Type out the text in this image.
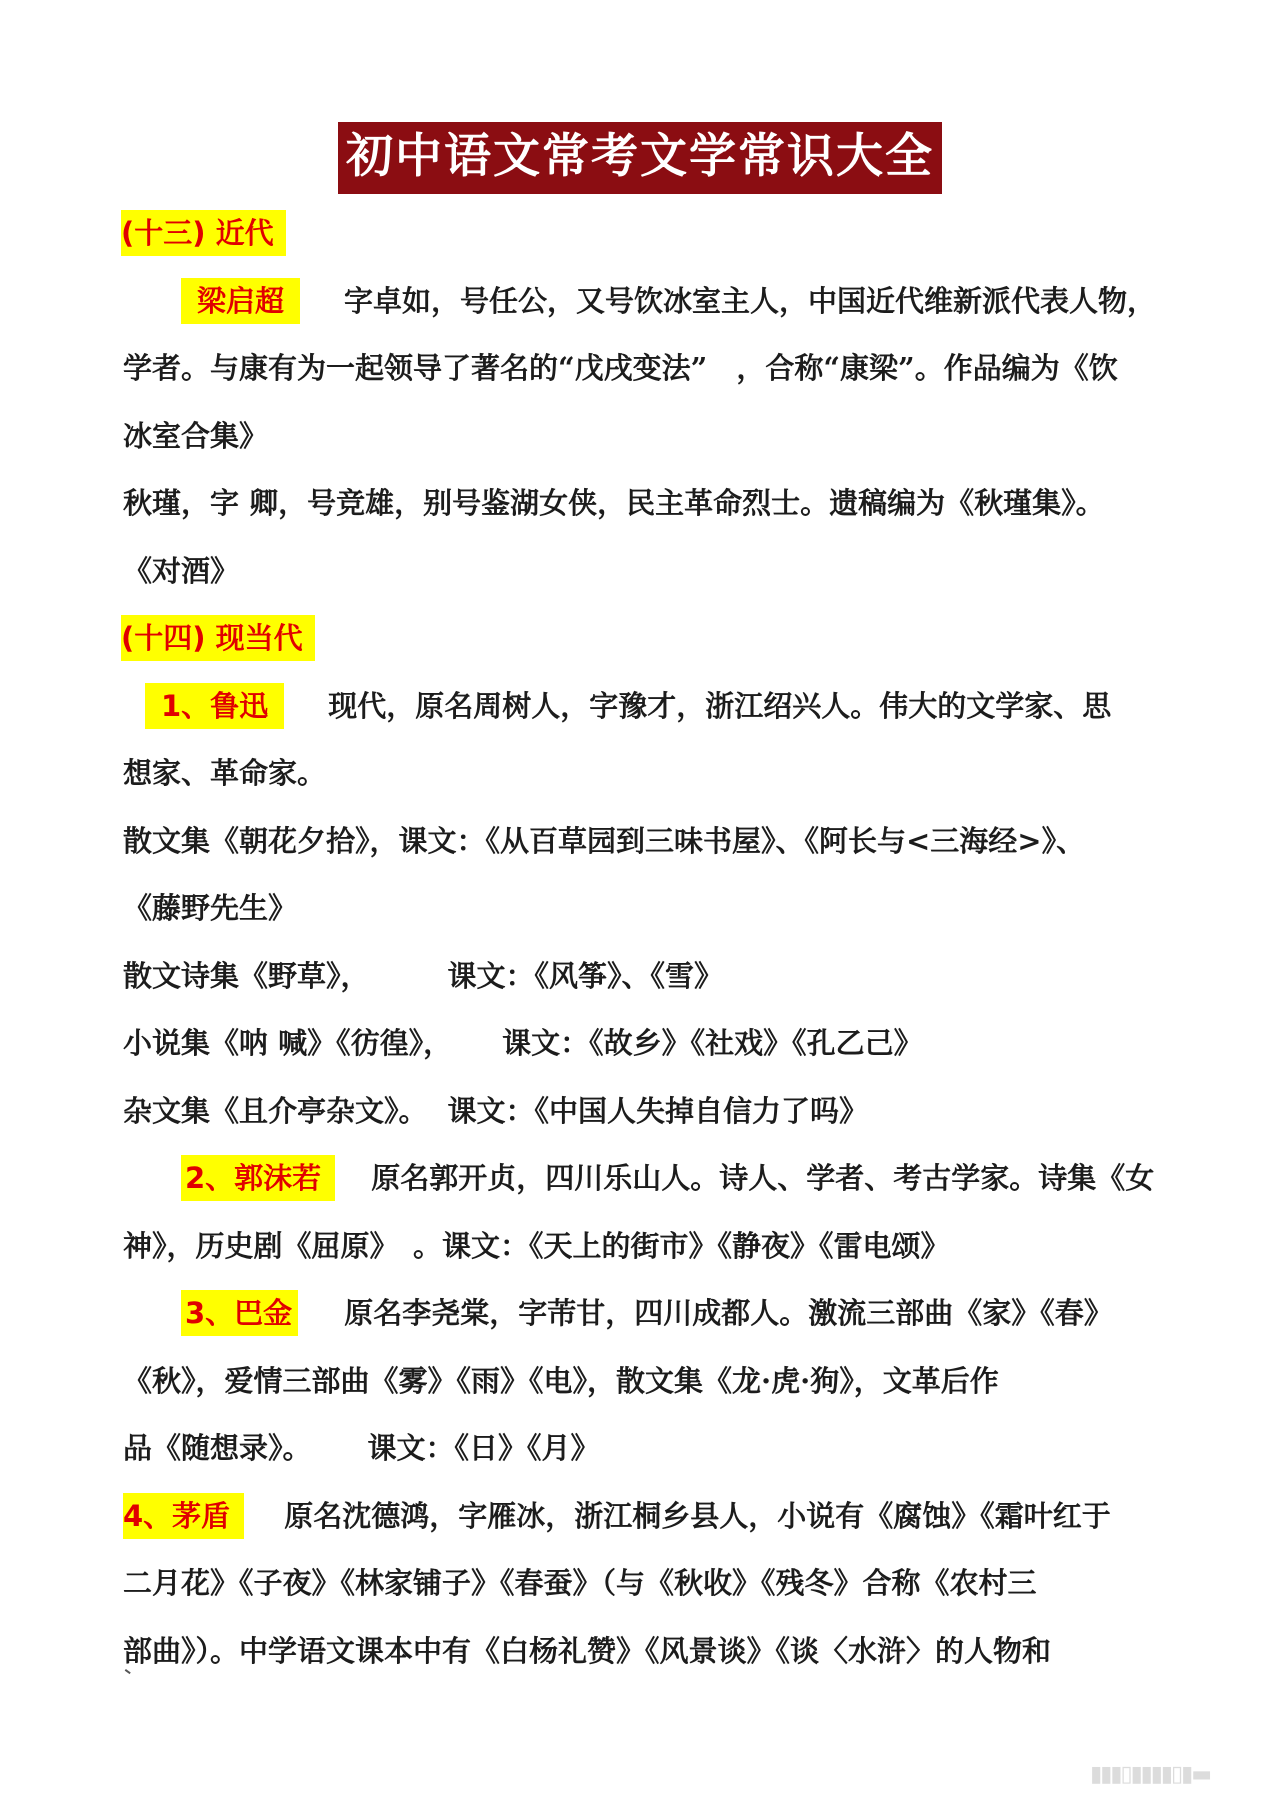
初中语文常考文学常识大全
(十三) 近代
梁启超 字卓如，号任公，又号饮冰室主人，中国近代维新派代表人物，
学者。与康有为一起领导了著名的“戊戌变法”　，合称“康梁”。作品编为《饮
冰室合集》
秋瑾，字 卿，号竞雄，别号鉴湖女侠，民主革命烈士。遗稿编为《秋瑾集》。
《对酒》
(十四) 现当代
1、鲁迅 现代，原名周树人，字豫才，浙江绍兴人。伟大的文学家、思
想家、革命家。
散文集《朝花夕拾》，课文：《从百草园到三味书屋》、《阿长与<三海经>》、
《藤野先生》
散文诗集《野草》，	课文：《风筝》、《雪》
小说集《呐 喊》《彷徨》， 课文：《故乡》《社戏》《孔乙己》
杂文集《且介亭杂文》。 课文：《中国人失掉自信力了吗》
2、郭沫若 原名郭开贞，四川乐山人。诗人、学者、考古学家。诗集《女
神》，历史剧《屈原》　。课文：《天上的街市》《静夜》《雷电颂》
3、巴金 原名李尧棠，字芾甘，四川成都人。激流三部曲《家》《春》
《秋》，爱情三部曲《雾》《雨》《电》，散文集《龙·虎·狗》，文革后作
品《随想录》。 课文：《日》《月》
4、茅盾 原名沈德鸿，字雁冰，浙江桐乡县人，小说有《腐蚀》《霜叶红于
二月花》《子夜》《林家铺子》《春蚕》（与《秋收》《残冬》合称《农村三
部曲》）。中学语文课本中有《白杨礼赞》《风景谈》《谈〈水浒〉的人物和
▮▮▮▯▮▮▮▮▯▮▬
